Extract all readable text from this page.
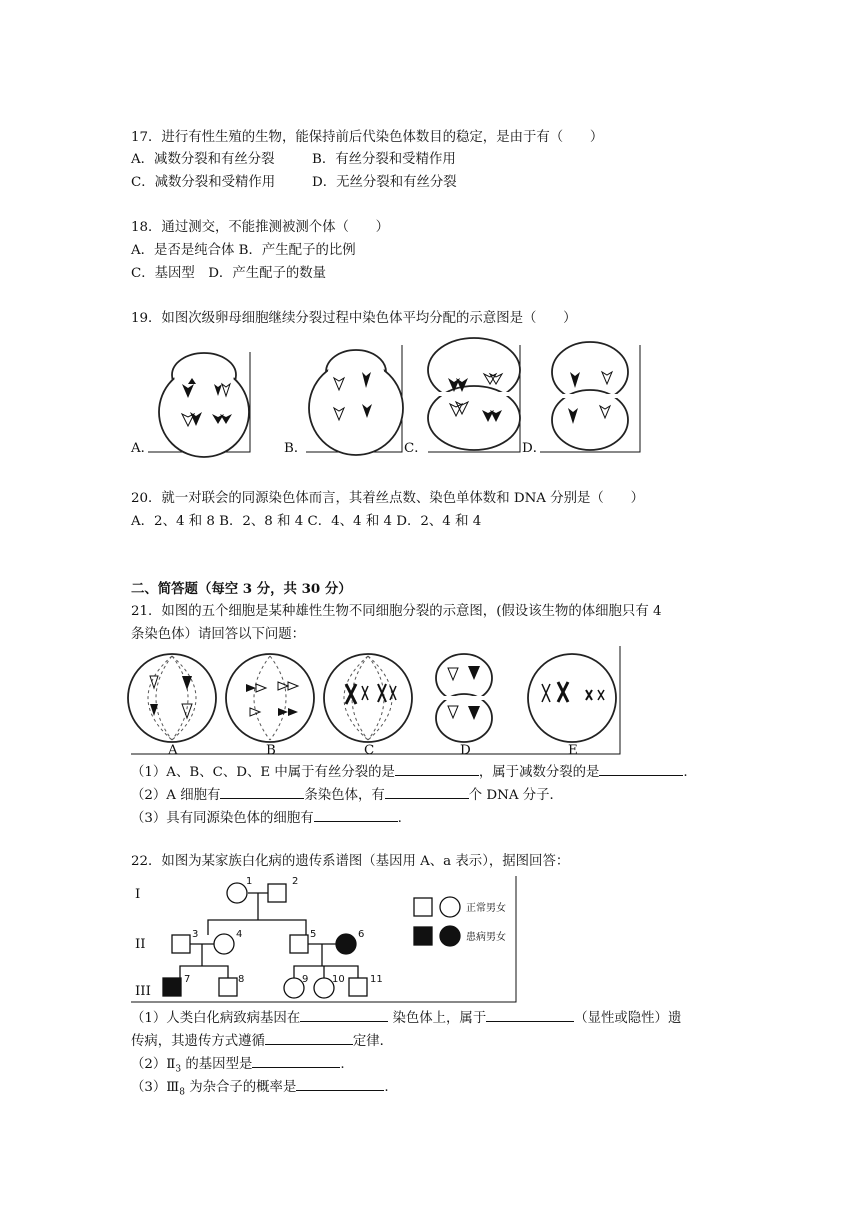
17．进行有性生殖的生物，能保持前后代染色体数目的稳定，是由于有（　　）
A．减数分裂和有丝分裂	B．有丝分裂和受精作用
C．减数分裂和受精作用	D．无丝分裂和有丝分裂
18．通过测交，不能推测被测个体（　　）
A．是否是纯合体 B．产生配子的比例
C．基因型　D．产生配子的数量
19．如图次级卵母细胞继续分裂过程中染色体平均分配的示意图是（　　）
A．	B．	C．	D．
20．就一对联会的同源染色体而言，其着丝点数、染色单体数和 DNA 分别是（　　）
A．2、4 和 8 B．2、8 和 4 C．4、4 和 4 D．2、4 和 4
二、简答题（每空 3 分，共 30 分）
21．如图的五个细胞是某种雄性生物不同细胞分裂的示意图，(假设该生物的体细胞只有 4
条染色体）请回答以下问题：
A	B	C	D	E
（1）A、B、C、D、E 中属于有丝分裂的是	，属于减数分裂的是	.
（2）A 细胞有	条染色体，有	个 DNA 分子．
（3）具有同源染色体的细胞有	.
22．如图为某家族白化病的遗传系谱图（基因用 A、a 表示），据图回答：
I
II
III
1	2
3	4	5	6
7	8	9 10	11
正常男女
患病男女
（1）人类白化病致病基因在	染色体上，属于	（显性或隐性）遗
传病，其遗传方式遵循	定律．
$(2)Ⅱ_3$ 的基因型是	.
$(3)Ⅲ_8$ 为杂合子的概率是	.
